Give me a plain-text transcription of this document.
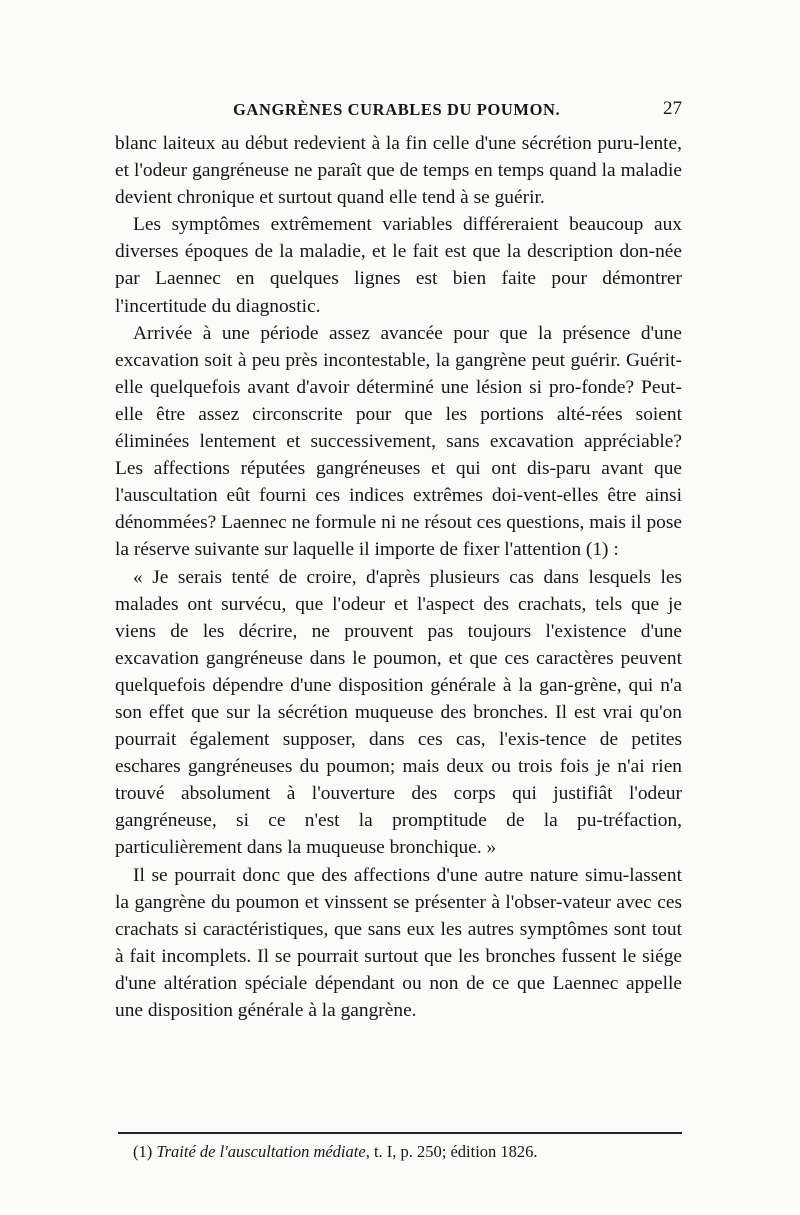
GANGRÈNES CURABLES DU POUMON.	27

blanc laiteux au début redevient à la fin celle d'une sécrétion puru-lente, et l'odeur gangréneuse ne paraît que de temps en temps quand la maladie devient chronique et surtout quand elle tend à se guérir.

Les symptômes extrêmement variables différeraient beaucoup aux diverses époques de la maladie, et le fait est que la description don-née par Laennec en quelques lignes est bien faite pour démontrer l'incertitude du diagnostic.

Arrivée à une période assez avancée pour que la présence d'une excavation soit à peu près incontestable, la gangrène peut guérir. Guérit-elle quelquefois avant d'avoir déterminé une lésion si pro-fonde? Peut-elle être assez circonscrite pour que les portions alté-rées soient éliminées lentement et successivement, sans excavation appréciable? Les affections réputées gangréneuses et qui ont dis-paru avant que l'auscultation eût fourni ces indices extrêmes doi-vent-elles être ainsi dénommées? Laennec ne formule ni ne résout ces questions, mais il pose la réserve suivante sur laquelle il importe de fixer l'attention (1) :

« Je serais tenté de croire, d'après plusieurs cas dans lesquels les malades ont survécu, que l'odeur et l'aspect des crachats, tels que je viens de les décrire, ne prouvent pas toujours l'existence d'une excavation gangréneuse dans le poumon, et que ces caractères peuvent quelquefois dépendre d'une disposition générale à la gan-grène, qui n'a son effet que sur la sécrétion muqueuse des bronches. Il est vrai qu'on pourrait également supposer, dans ces cas, l'exis-tence de petites eschares gangréneuses du poumon; mais deux ou trois fois je n'ai rien trouvé absolument à l'ouverture des corps qui justifiât l'odeur gangréneuse, si ce n'est la promptitude de la pu-tréfaction, particulièrement dans la muqueuse bronchique. »

Il se pourrait donc que des affections d'une autre nature simu-lassent la gangrène du poumon et vinssent se présenter à l'obser-vateur avec ces crachats si caractéristiques, que sans eux les autres symptômes sont tout à fait incomplets. Il se pourrait surtout que les bronches fussent le siége d'une altération spéciale dépendant ou non de ce que Laennec appelle une disposition générale à la gangrène.

(1) Traité de l'auscultation médiate, t. I, p. 250; édition 1826.
